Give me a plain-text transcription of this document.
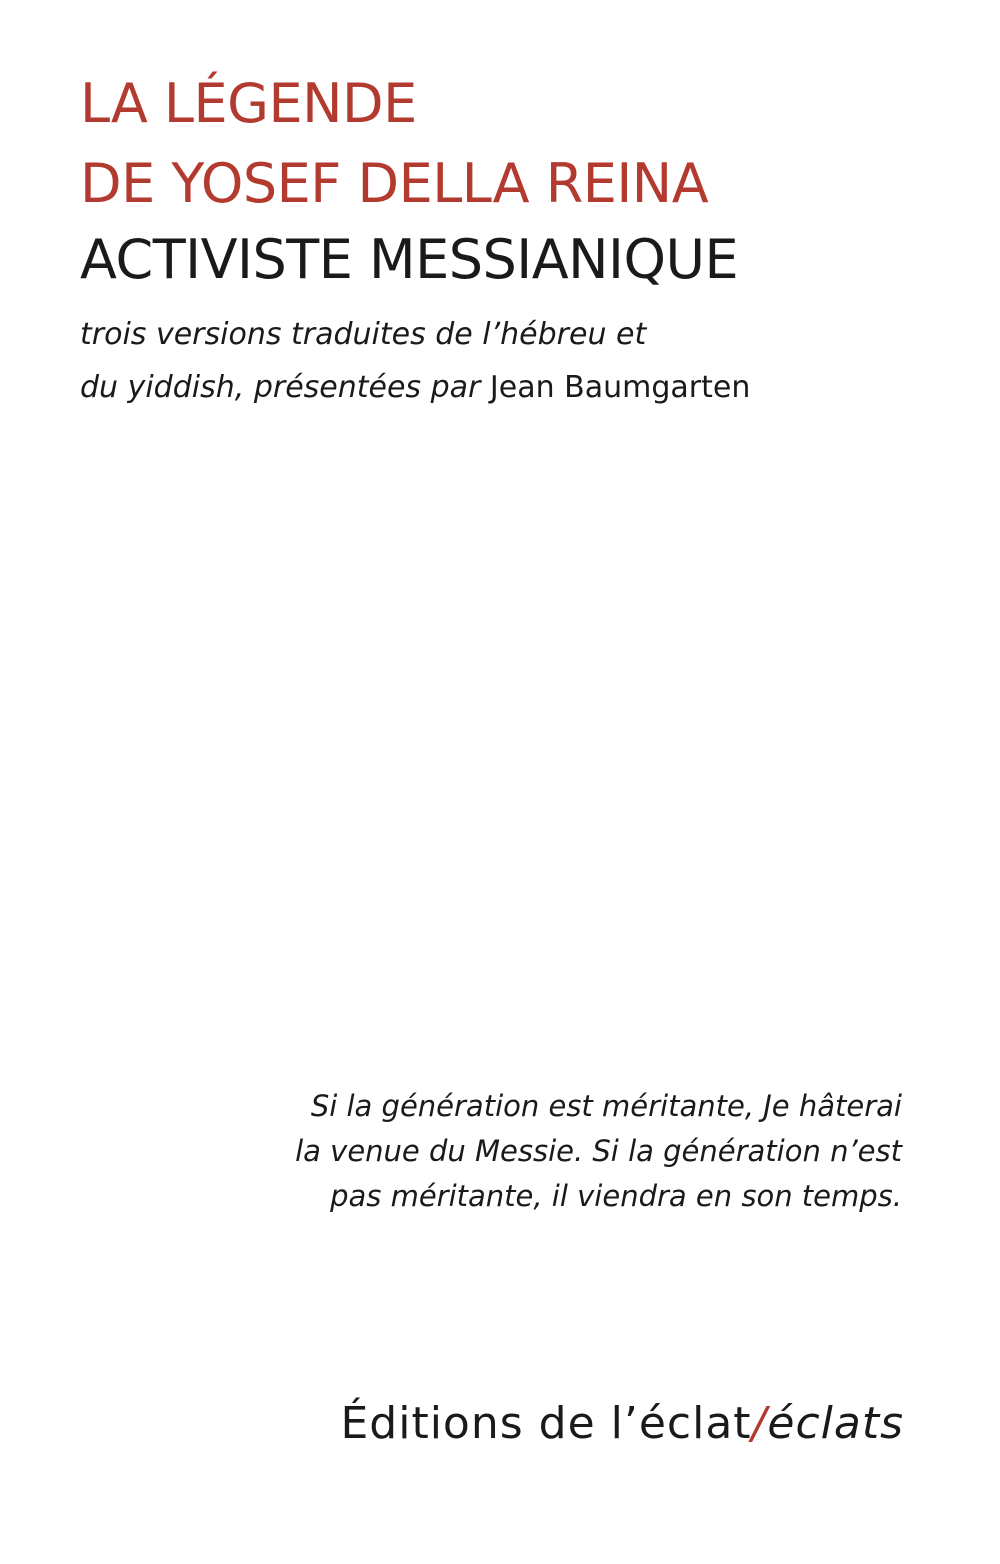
LA LÉGENDE
DE YOSEF DELLA REINA
ACTIVISTE MESSIANIQUE

trois versions traduites de l’hébreu et
du yiddish, présentées par Jean Baumgarten

Si la génération est méritante, Je hâterai
la venue du Messie. Si la génération n’est
pas méritante, il viendra en son temps.

Éditions de l’éclat/éclats
